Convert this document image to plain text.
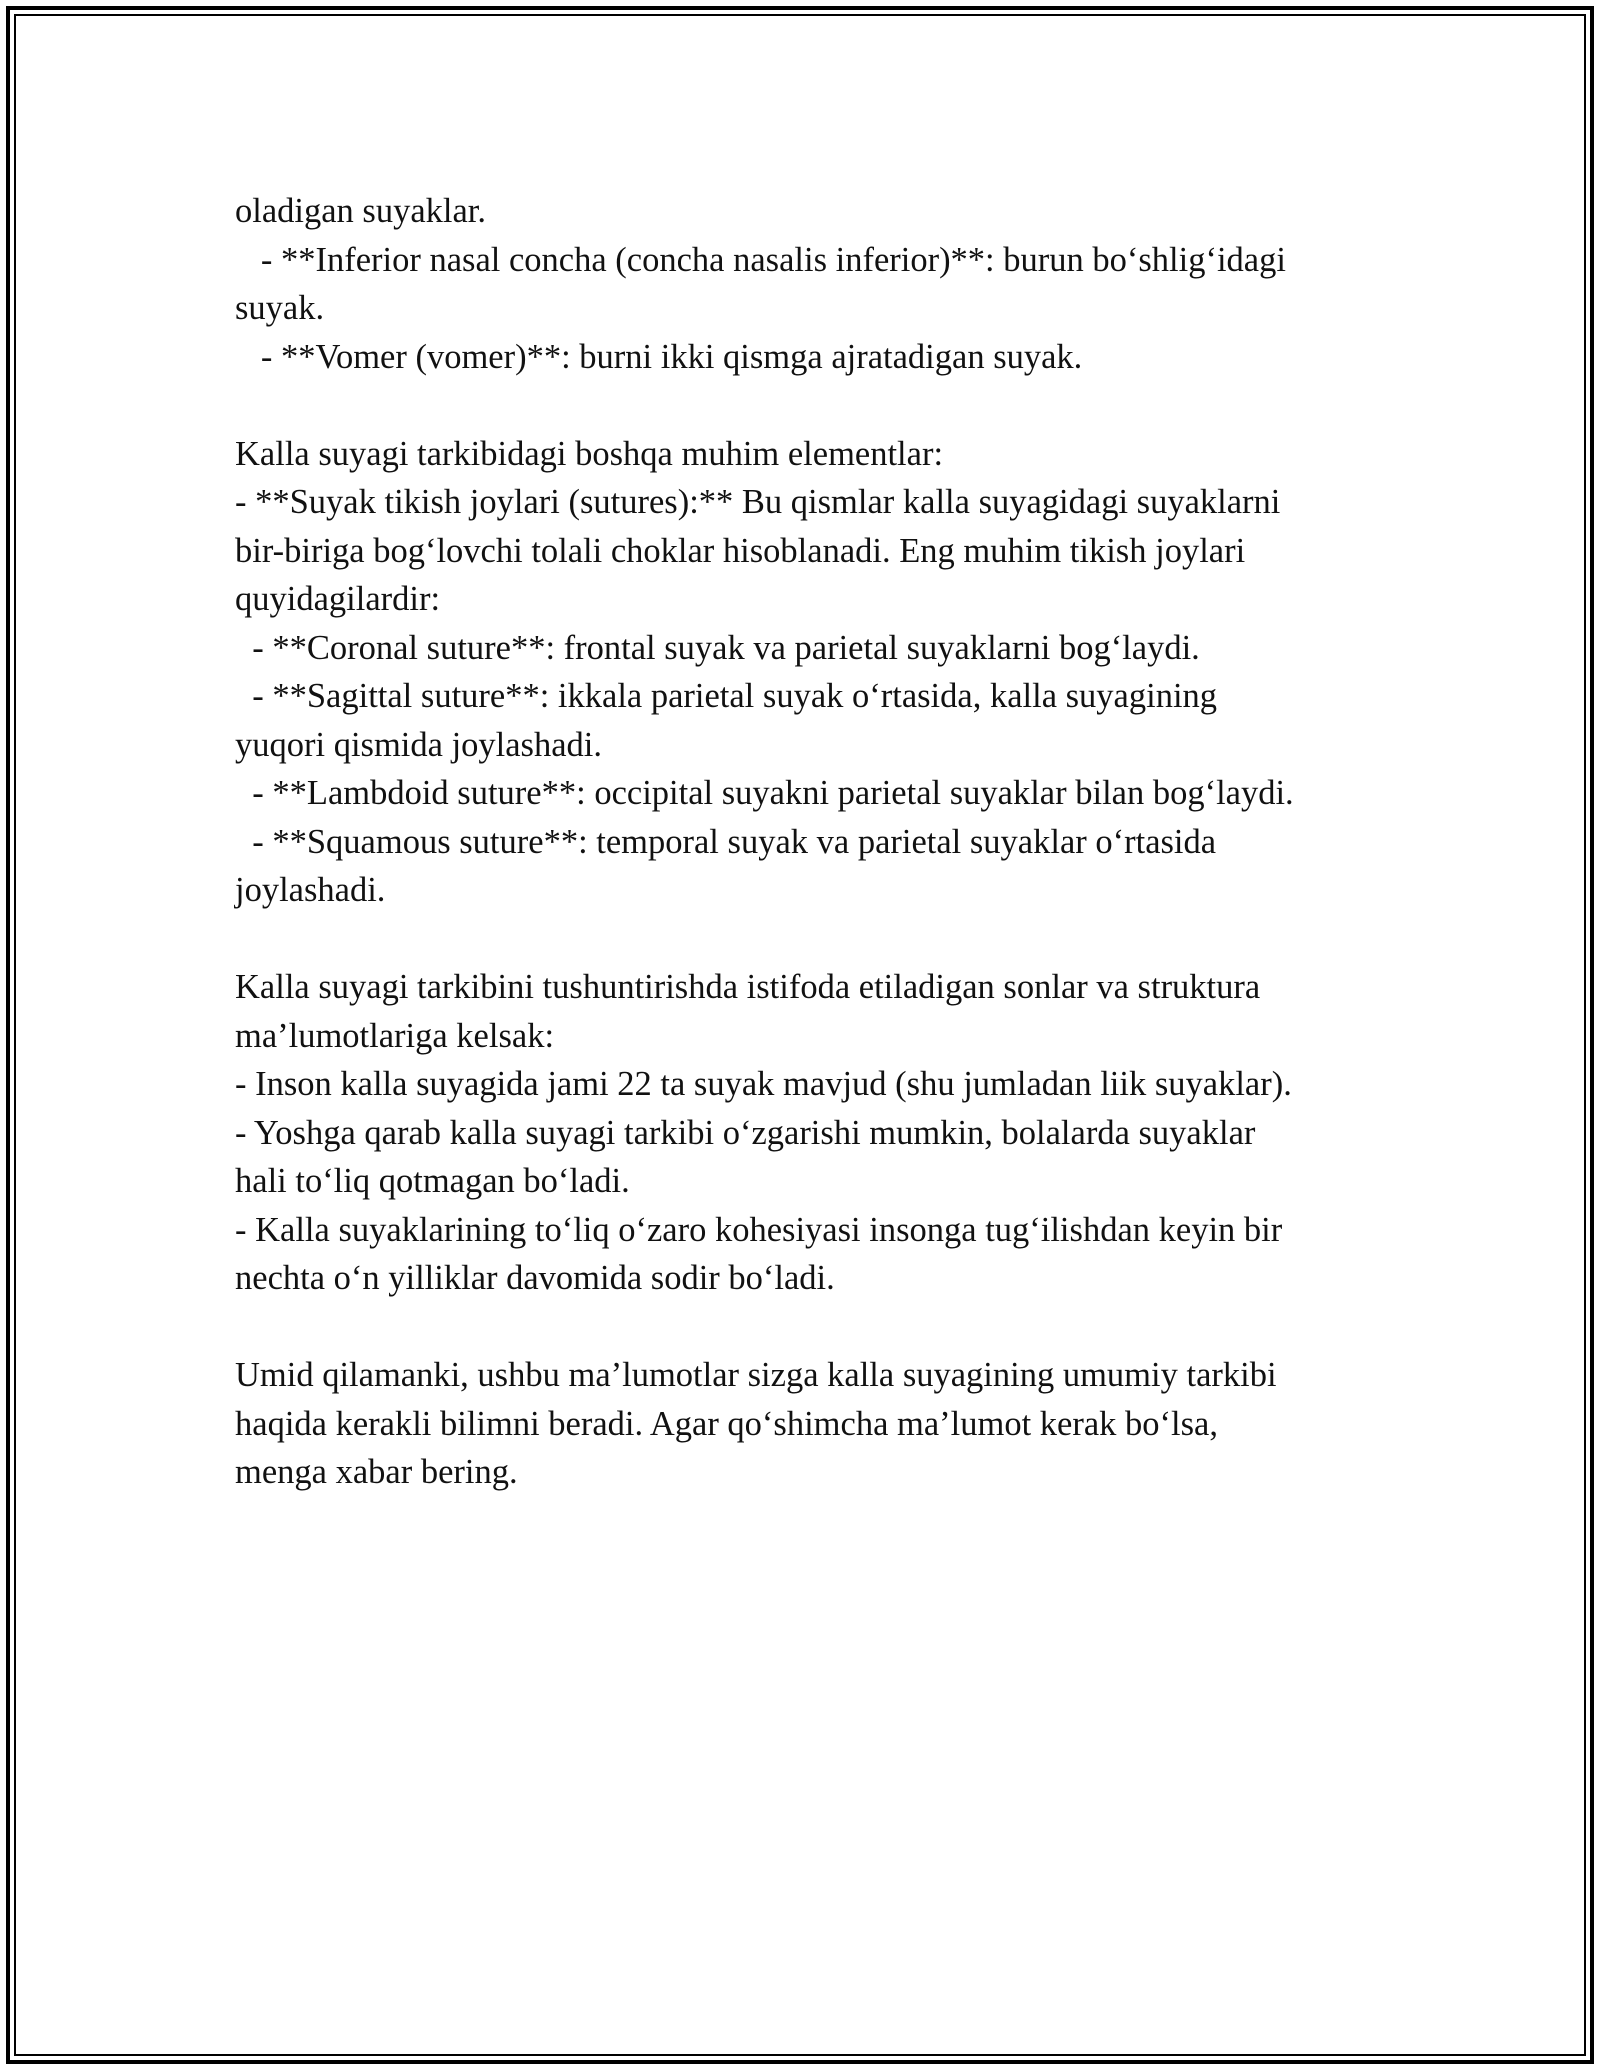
oladigan suyaklar.
- **Inferior nasal concha (concha nasalis inferior)**: burun bo‘shlig‘idagi
suyak.
- **Vomer (vomer)**: burni ikki qismga ajratadigan suyak.
Kalla suyagi tarkibidagi boshqa muhim elementlar:
- **Suyak tikish joylari (sutures):** Bu qismlar kalla suyagidagi suyaklarni
bir-biriga bog‘lovchi tolali choklar hisoblanadi. Eng muhim tikish joylari
quyidagilardir:
- **Coronal suture**: frontal suyak va parietal suyaklarni bog‘laydi.
- **Sagittal suture**: ikkala parietal suyak o‘rtasida, kalla suyagining
yuqori qismida joylashadi.
- **Lambdoid suture**: occipital suyakni parietal suyaklar bilan bog‘laydi.
- **Squamous suture**: temporal suyak va parietal suyaklar o‘rtasida
joylashadi.
Kalla suyagi tarkibini tushuntirishda istifoda etiladigan sonlar va struktura
ma’lumotlariga kelsak:
- Inson kalla suyagida jami 22 ta suyak mavjud (shu jumladan liik suyaklar).
- Yoshga qarab kalla suyagi tarkibi o‘zgarishi mumkin, bolalarda suyaklar
hali to‘liq qotmagan bo‘ladi.
- Kalla suyaklarining to‘liq o‘zaro kohesiyasi insonga tug‘ilishdan keyin bir
nechta o‘n yilliklar davomida sodir bo‘ladi.
Umid qilamanki, ushbu ma’lumotlar sizga kalla suyagining umumiy tarkibi
haqida kerakli bilimni beradi. Agar qo‘shimcha ma’lumot kerak bo‘lsa,
menga xabar bering.
